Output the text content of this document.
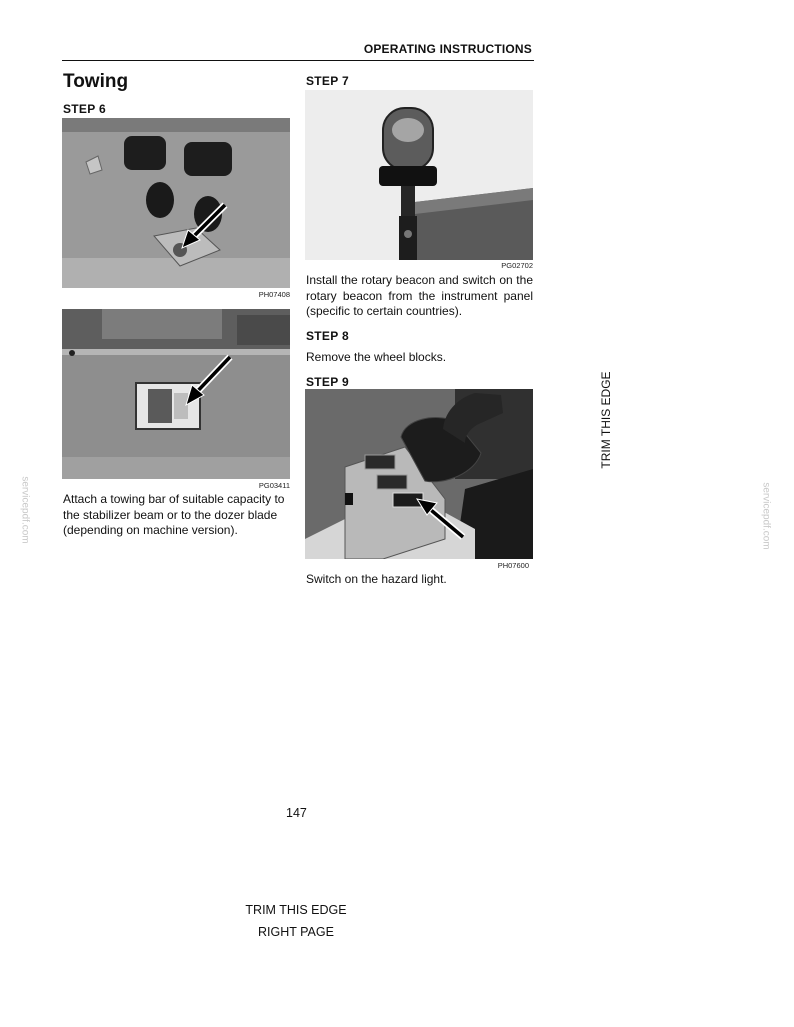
OPERATING INSTRUCTIONS
Towing
STEP 6
PH07408
PG03411
Attach a towing bar of suitable capacity to the stabilizer beam or to the dozer blade (depending on machine version).
STEP 7
PG02702
Install the rotary beacon and switch on the rotary beacon from the instrument panel (specific to certain countries).
STEP 8
Remove the wheel blocks.
STEP 9
PH07600
Switch on the hazard light.
147
TRIM THIS EDGE
RIGHT PAGE
TRIM THIS EDGE
servicepdf.com	servicepdf.com
